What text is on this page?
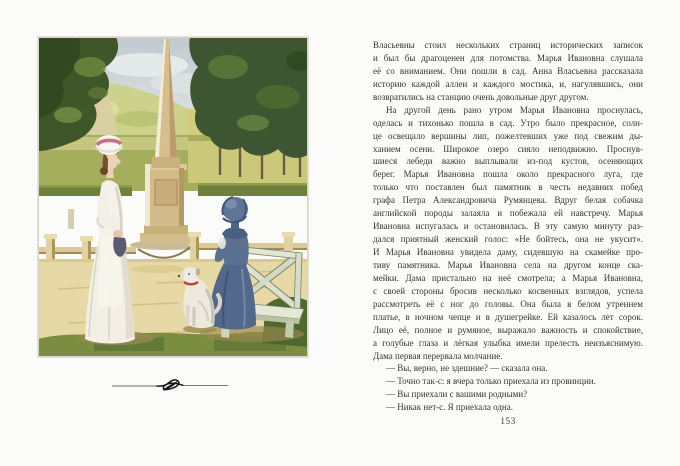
Власьевны стоил нескольких страниц исторических записок
и был бы драгоценен для потомства. Марья Ивановна слушала
её со вниманием. Они пошли в сад. Анна Власьевна рассказала
историю каждой аллеи и каждого мостика, и, нагулявшись, они
возвратились на станцию очень довольные друг другом.
На другой день рано утром Марья Ивановна проснулась,
оделась и тихонько пошла в сад. Утро было прекрасное, солн-
це освещало вершины лип, пожелтевших уже под свежим ды-
ханием осени. Широкое озеро сияло неподвижно. Проснув-
шиеся лебеди важно выплывали из-под кустов, осеняющих
берег. Марья Ивановна пошла около прекрасного луга, где
только что поставлен был памятник в честь недавних побед
графа Петра Александровича Румянцева. Вдруг белая собачка
английской породы залаяла и побежала ей навстречу. Марья
Ивановна испугалась и остановилась. В эту самую минуту раз-
дался приятный женский голос: «Не бойтесь, она не укусит».
И Марья Ивановна увидела даму, сидевшую на скамейке про-
тиву памятника. Марья Ивановна села на другом конце ска-
мейки. Дама пристально на неё смотрела; а Марья Ивановна,
с своей стороны бросив несколько косвенных взглядов, успела
рассмотреть её с ног до головы. Она была в белом утреннем
платье, в ночном чепце и в душегрейке. Ей казалось лет сорок.
Лицо её, полное и румяное, выражало важность и спокойствие,
а голубые глаза и лёгкая улыбка имели прелесть неизъяснимую.
Дама первая перервала молчание.
— Вы, верно, не здешние? — сказала она.
— Точно так-с: я вчера только приехала из провинции.
— Вы приехали с вашими родными?
— Никак нет-с. Я приехала одна.
153
